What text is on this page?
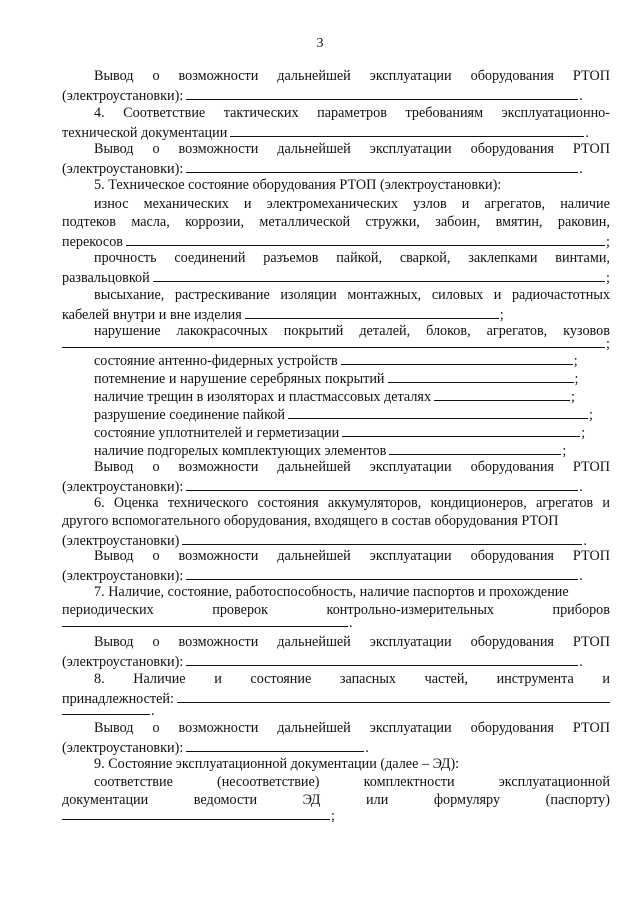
3
Вывод о возможности дальнейшей эксплуатации оборудования РТОП
(электроустановки):	.
4. Соответствие тактических параметров требованиям эксплуатационно-
технической документации	.
Вывод о возможности дальнейшей эксплуатации оборудования РТОП
(электроустановки):	.
5. Техническое состояние оборудования РТОП (электроустановки):
износ механических и электромеханических узлов и агрегатов, наличие
подтеков масла, коррозии, металлической стружки, забоин, вмятин, раковин,
перекосов	;
прочность соединений разъемов пайкой, сваркой, заклепками винтами,
развальцовкой	;
высыхание, растрескивание изоляции монтажных, силовых и радиочастотных
кабелей внутри и вне изделия	;
нарушение лакокрасочных покрытий деталей, блоков, агрегатов, кузовов
;
состояние антенно-фидерных устройств	;
потемнение и нарушение серебряных покрытий	;
наличие трещин в изоляторах и пластмассовых деталях	;
разрушение соединение пайкой	;
состояние уплотнителей и герметизации	;
наличие подгорелых комплектующих элементов	;
Вывод о возможности дальнейшей эксплуатации оборудования РТОП
(электроустановки):	.
6. Оценка технического состояния аккумуляторов, кондиционеров, агрегатов и
другого вспомогательного оборудования, входящего в состав оборудования РТОП
(электроустановки)	.
Вывод о возможности дальнейшей эксплуатации оборудования РТОП
(электроустановки):	.
7. Наличие, состояние, работоспособность, наличие паспортов и прохождение
периодических	проверок	контрольно-измерительных	приборов
.
Вывод о возможности дальнейшей эксплуатации оборудования РТОП
(электроустановки):	.
8. Наличие и состояние запасных частей, инструмента и
принадлежностей:
.
Вывод о возможности дальнейшей эксплуатации оборудования РТОП
(электроустановки):	.
9. Состояние эксплуатационной документации (далее – ЭД):
соответствие	(несоответствие)	комплектности	эксплуатационной
документации	ведомости	ЭД	или	формуляру	(паспорту)
;
